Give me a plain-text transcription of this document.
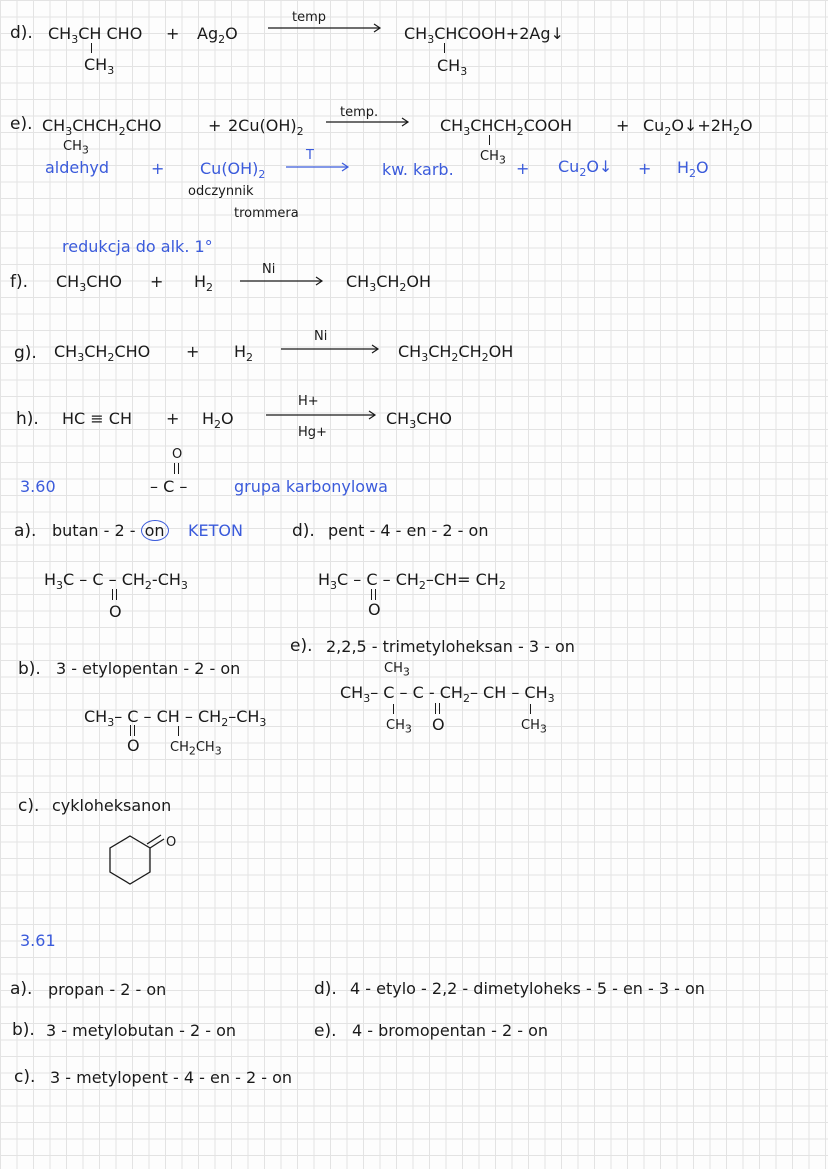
d). $CH_3CH$ CHO
$CH_3$
+ $Ag_2O$
temp
$CH_3CHCOOH+2Ag↓$
$CH_3$
e). $CH_3CHCH_2CHO$
$CH_3$
+ $2Cu(OH)_2$
temp.
$CH_3CHCH_2COOH$
$CH_3$
+ $Cu_2O↓+2H_2O$
aldehyd	+ $Cu(OH)_2$
T
kw. karb.	+ $Cu_2O↓ + H_2O$
odczynnik
trommera
redukcja do alk. 1°
f). $CH_3CHO + H_2$
Ni
$CH_3CH_2OH$
g). $CH_3CH_2CHO + H_2$
Ni
$CH_3CH_2CH_2OH$
h). HC ≡ CH + $H_2O$
H+
Hg+
$CH_3CHO$
3.60
O
– C –	grupa karbonylowa
a). butan - 2 - on KETON
$H_3C$ – C – $CH_2-CH_3$
O
d). pent - 4 - en - 2 - on
$H_3C - C - CH_2-CH= CH_2$
O
e). 2,2,5 - trimetyloheksan - 3 - on
$CH_3$
$CH_3-$ C – C - $CH_2-$ CH – $CH_3$
$CH_3$ O	$CH_3$
b). 3 - etylopentan - 2 - on
$CH_3-$ C – CH – $CH_2-CH_3$
O $CH_2CH_3$
c). cykloheksanon
O
3.61
a). propan - 2 - on
b). 3 - metylobutan - 2 - on
c). 3 - metylopent - 4 - en - 2 - on
d). 4 - etylo - 2,2 - dimetyloheks - 5 - en - 3 - on
e). 4 - bromopentan - 2 - on
